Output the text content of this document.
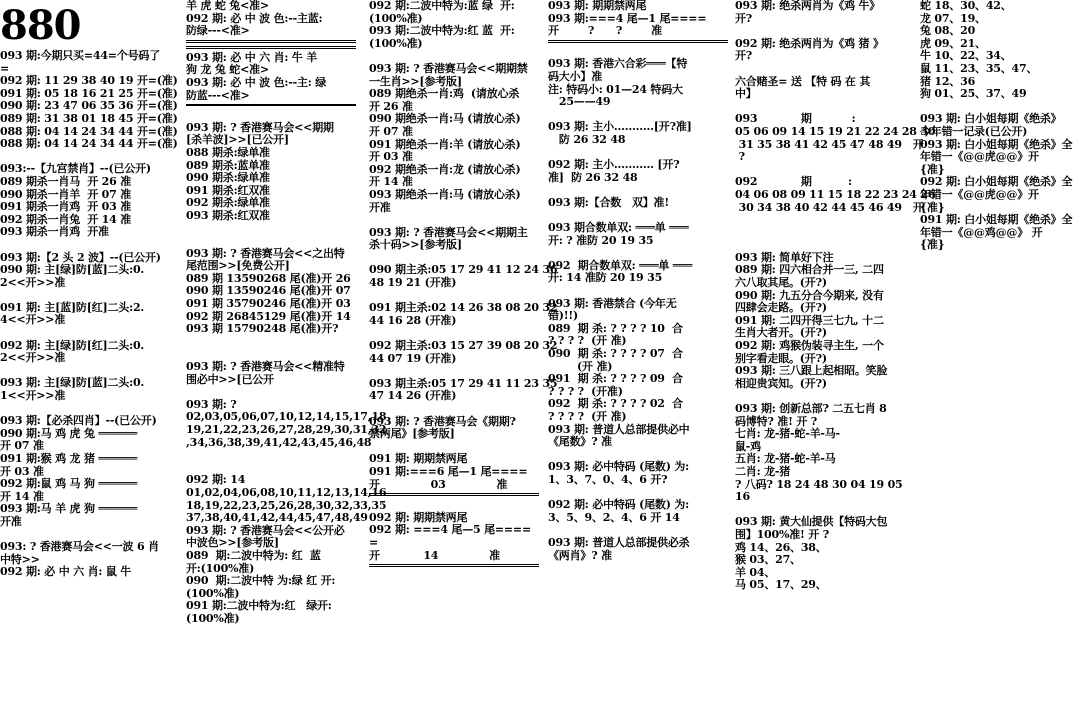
880
093 期:今期只买=44=个号码了
=
092 期: 11 29 38 40 19 开=(准)
091 期: 05 18 16 21 25 开=(准)
090 期: 23 47 06 35 36 开=(准)
089 期: 31 38 01 18 45 开=(准)
088 期: 04 14 24 34 44 开=(准)
088 期: 04 14 24 34 44 开=(准)
093:--【九宫禁肖】--(已公开)
089 期杀一肖马  开 26 准
090 期杀一肖羊  开 07 准
091 期杀一肖鸡  开 03 准
092 期杀一肖兔  开 14 准
093 期杀一肖鸡  开准
093 期:【2 头 2 波】--(已公开)
090 期: 主[绿]防[蓝]二头:0.
2<<开>>准
091 期: 主[蓝]防[红]二头:2.
4<<开>>准
092 期: 主[绿]防[红]二头:0.
2<<开>>准
093 期: 主[绿]防[蓝]二头:0.
1<<开>>准
093 期:【必杀四肖】--(已公开)
090 期:马 鸡 虎 兔 ══════
开 07 准
091 期:猴 鸡 龙 猪 ══════
开 03 准
092 期:鼠 鸡 马 狗 ══════
开 14 准
093 期:马 羊 虎 狗 ══════
开准
093: ? 香港赛马会<<一波 6 肖
中特>>
092 期: 必 中 六 肖: 鼠 牛
羊 虎 蛇 兔<准>
092 期: 必 中 波 色:--主蓝:
防绿---<准>
093 期: 必 中 六 肖: 牛 羊
狗 龙 兔 蛇<准>
093 期: 必 中 波 色:--主: 绿
防蓝---<准>
093 期: ? 香港赛马会<<期期
[杀羊波]>>[已公开]
088 期杀:绿单准
089 期杀:蓝单准
090 期杀:绿单准
091 期杀:红双准
092 期杀:绿单准
093 期杀:红双准
093 期: ? 香港赛马会<<之出特
尾范围>>[免费公开]
089 期 13590268 尾(准)开 26
090 期 13590246 尾(准)开 07
091 期 35790246 尾(准)开 03
092 期 26845129 尾(准)开 14
093 期 15790248 尾(准)开?
093 期: ? 香港赛马会<<精准特
围必中>>[已公开
093 期: ?
02,03,05,06,07,10,12,14,15,17,18
19,21,22,23,26,27,28,29,30,31,32
,34,36,38,39,41,42,43,45,46,48
092 期: 14
01,02,04,06,08,10,11,12,13,14,16
18,19,22,23,25,26,28,30,32,33,35
37,38,40,41,42,44,45,47,48,49
093 期: ? 香港赛马会<<公开必
中波色>>[参考版]
089  期:二波中特为: 红  蓝
开:(100%准)
090  期:二波中特 为:绿 红 开:
(100%准)
091 期:二波中特为:红   绿开:
(100%准)
092 期:二波中特为:蓝 绿  开:
(100%准)
093 期:二波中特为:红 蓝  开:
(100%准)
093 期: ? 香港赛马会<<期期禁
一生肖>>[参考版]
089 期绝杀一肖:鸡  (请放心杀
开 26 准
090 期绝杀一肖:马 (请放心杀)
开 07 准
091 期绝杀一肖:羊 (请放心杀)
开 03 准
092 期绝杀一肖:龙 (请放心杀)
开 14 准
093 期绝杀一肖:马 (请放心杀)
开准
093 期: ? 香港赛马会<<期期主
杀十码>>[参考版]
090 期主杀:05 17 29 41 12 24 36
48 19 21 (开准)
091 期主杀:02 14 26 38 08 20 32
44 16 28 (开准)
092 期主杀:03 15 27 39 08 20 32
44 07 19 (开准)
093 期主杀:05 17 29 41 11 23 35
47 14 26 (开准)
093 期: ? 香港赛马会《期期?
禁两尾》[参考版]
091 期: 期期禁两尾
091 期:===6 尾—1 尾====
开              03              准
092 期: 期期禁两尾
092 期: ===4 尾—5 尾====
=
开            14              准
093 期: 期期禁两尾
093 期:===4 尾—1 尾====
开        ?      ?        准
093 期: 香港六合彩═══【特
码大小】准
注: 特码小: 01—24 特码大
25——49
093 期: 主小...........[开?准]
防 26 32 48
092 期: 主小........... [开?
准]  防 26 32 48
093 期:【合数   双】准!
093 期合数单双: ═══单 ═══
开: ? 准防 20 19 35
092  期合数单双: ═══单 ═══
开: 14 准防 20 19 35
093 期: 香港禁合 (今年无
错)!!)
089  期 杀: ? ? ? ? 10  合
? ? ? ?  (开 准)
090  期 杀: ? ? ? ? 07  合
(开 准)
091  期 杀: ? ? ? ? 09  合
? ? ? ?  (开准)
092  期 杀: ? ? ? ? 02  合
? ? ? ?  (开 准)
093 期: 普道人总部提供必中
《尾数》? 准
093 期: 必中特码 (尾数) 为:
1、3、7、0、4、6 开?
092 期: 必中特码 (尾数) 为:
3、5、9、2、4、6 开 14
093 期: 普道人总部提供必杀
《两肖》? 准
093 期: 绝杀两肖为《鸡 牛》
开?
092 期: 绝杀两肖为《鸡 猪 》
开?
六合赌圣= 送 【特 码 在 其
中】
093            期           :
05 06 09 14 15 19 21 22 24 28 30
31 35 38 41 42 45 47 48 49   开
?
092            期          :
04 06 08 09 11 15 18 22 23 24 26
30 34 38 40 42 44 45 46 49   开
093 期: 简单好下注
089 期: 四六相合并一三, 二四
六八取其尾。(开?)
090 期: 九五分合今期来, 没有
四肆会走路。(开?)
091 期: 二四开得三七九, 十二
生肖大者开。(开?)
092 期: 鸡猴伪装寻主生, 一个
别字看走眼。(开?)
093 期: 三八跟上起相昭。笑脸
相迎贵宾知。(开?)
093 期: 创新总部? 二五七肖 8
码博特? 准! 开 ?
七肖: 龙-猪-蛇-羊-马-
鼠-鸡
五肖: 龙-猪-蛇-羊-马
二肖: 龙-猪
? 八码? 18 24 48 30 04 19 05
16
093 期: 黄大仙提供【特码大包
围】100%准! 开 ?
鸡 14、26、38、
猴 03、27、
羊 04、
马 05、17、29、
蛇 18、30、42、
龙 07、19、
兔 08、20
虎 09、21、
牛 10、22、34、
鼠 11、23、35、47、
猪 12、36
狗 01、25、37、49
093 期: 白小姐每期《绝杀》
今年错一记录(已公开)
093 期: 白小姐每期《绝杀》全
年错一《@@虎@@》开
{准}
092 期: 白小姐每期《绝杀》全
年错一《@@虎@@》开
{准}
091 期: 白小姐每期《绝杀》全
年错一《@@鸡@@》 开
{准}
